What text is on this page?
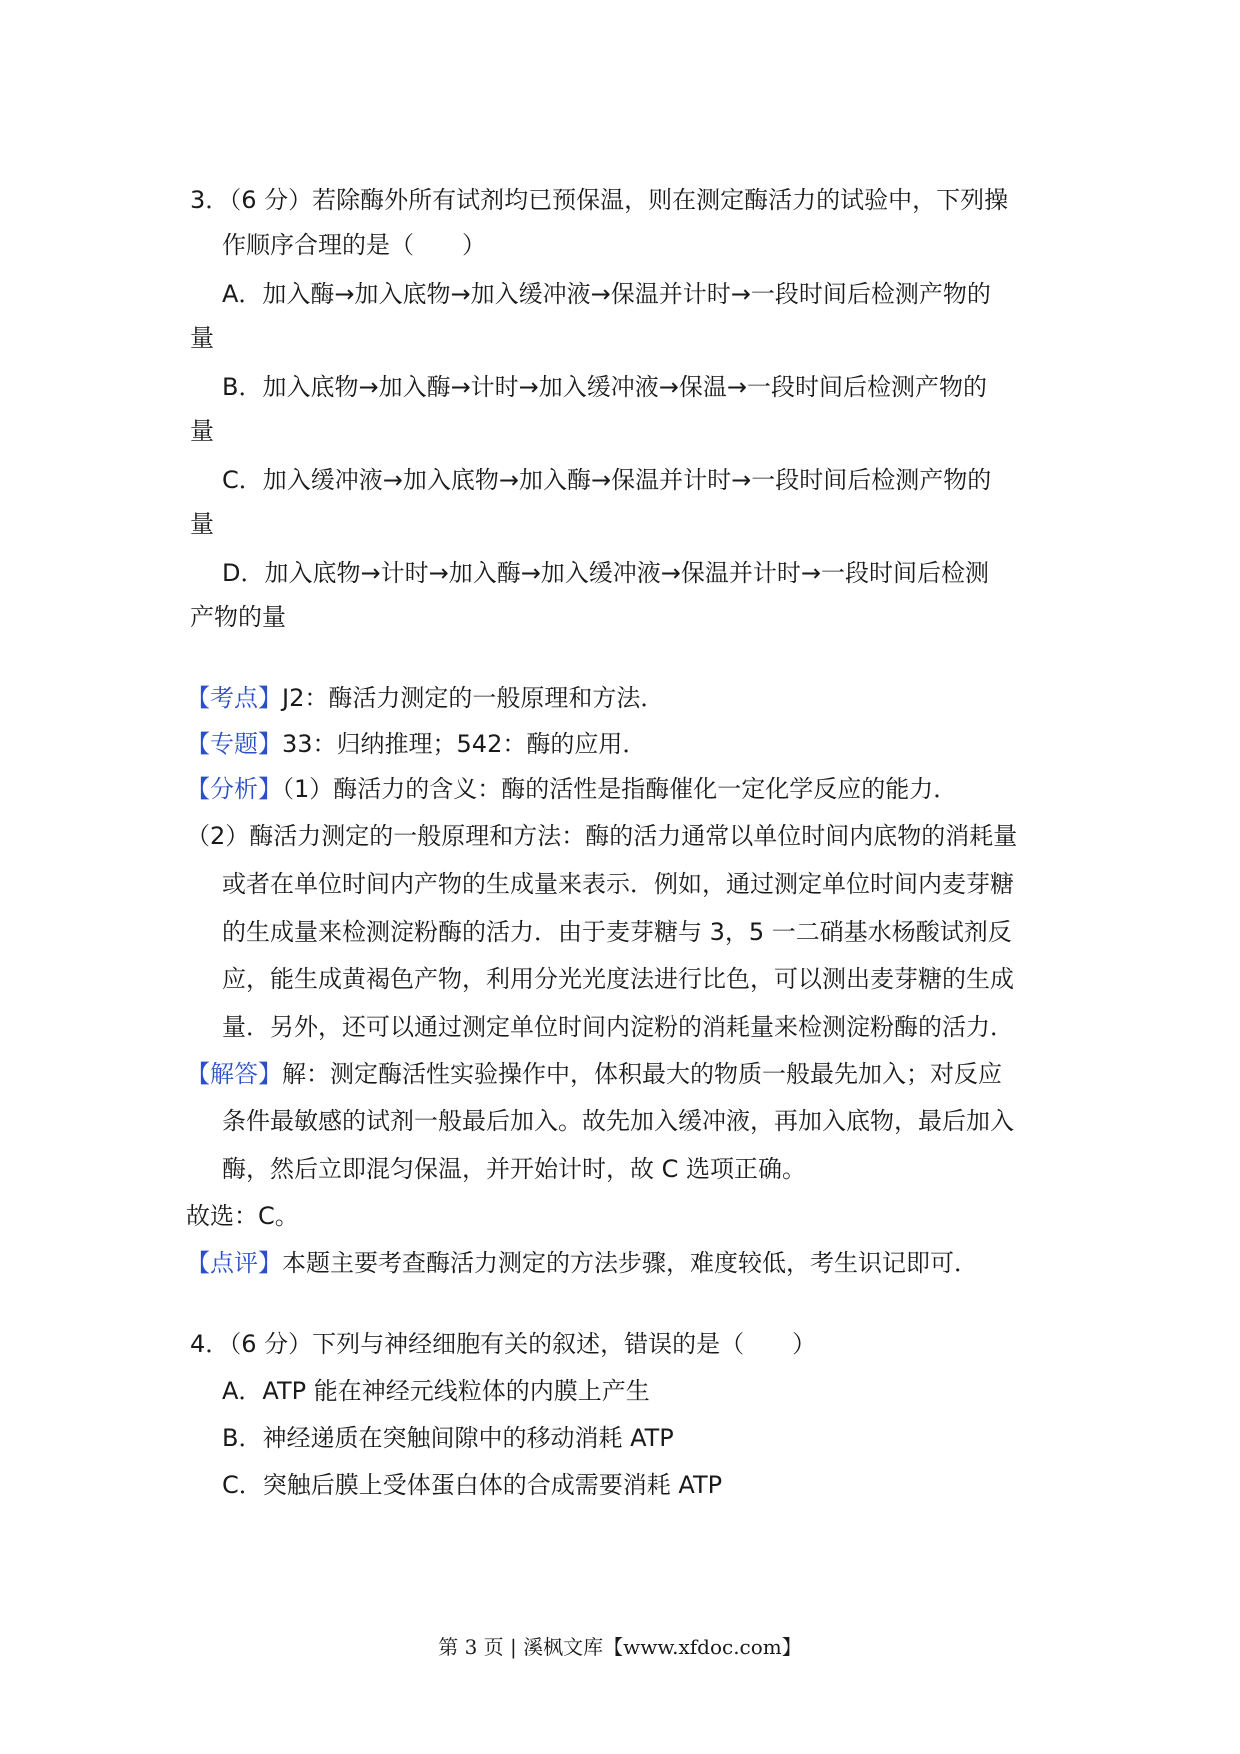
3．（6 分）若除酶外所有试剂均已预保温，则在测定酶活力的试验中，下列操

作顺序合理的是（　　）

A．加入酶→加入底物→加入缓冲液→保温并计时→一段时间后检测产物的

量

B．加入底物→加入酶→计时→加入缓冲液→保温→一段时间后检测产物的

量

C．加入缓冲液→加入底物→加入酶→保温并计时→一段时间后检测产物的

量

D．加入底物→计时→加入酶→加入缓冲液→保温并计时→一段时间后检测

产物的量

【考点】J2：酶活力测定的一般原理和方法．

【专题】33：归纳推理；542：酶的应用．

【分析】（1）酶活力的含义：酶的活性是指酶催化一定化学反应的能力．

（2）酶活力测定的一般原理和方法：酶的活力通常以单位时间内底物的消耗量

或者在单位时间内产物的生成量来表示．例如，通过测定单位时间内麦芽糖

的生成量来检测淀粉酶的活力．由于麦芽糖与 3，5 一二硝基水杨酸试剂反

应，能生成黄褐色产物，利用分光光度法进行比色，可以测出麦芽糖的生成

量．另外，还可以通过测定单位时间内淀粉的消耗量来检测淀粉酶的活力．

【解答】解：测定酶活性实验操作中，体积最大的物质一般最先加入；对反应

条件最敏感的试剂一般最后加入。故先加入缓冲液，再加入底物，最后加入

酶，然后立即混匀保温，并开始计时，故 C 选项正确。

故选：C。

【点评】本题主要考查酶活力测定的方法步骤，难度较低，考生识记即可．

4．（6 分）下列与神经细胞有关的叙述，错误的是（　　）

A．ATP 能在神经元线粒体的内膜上产生

B．神经递质在突触间隙中的移动消耗 ATP

C．突触后膜上受体蛋白体的合成需要消耗 ATP

第 3 页 | 溪枫文库【www.xfdoc.com】
